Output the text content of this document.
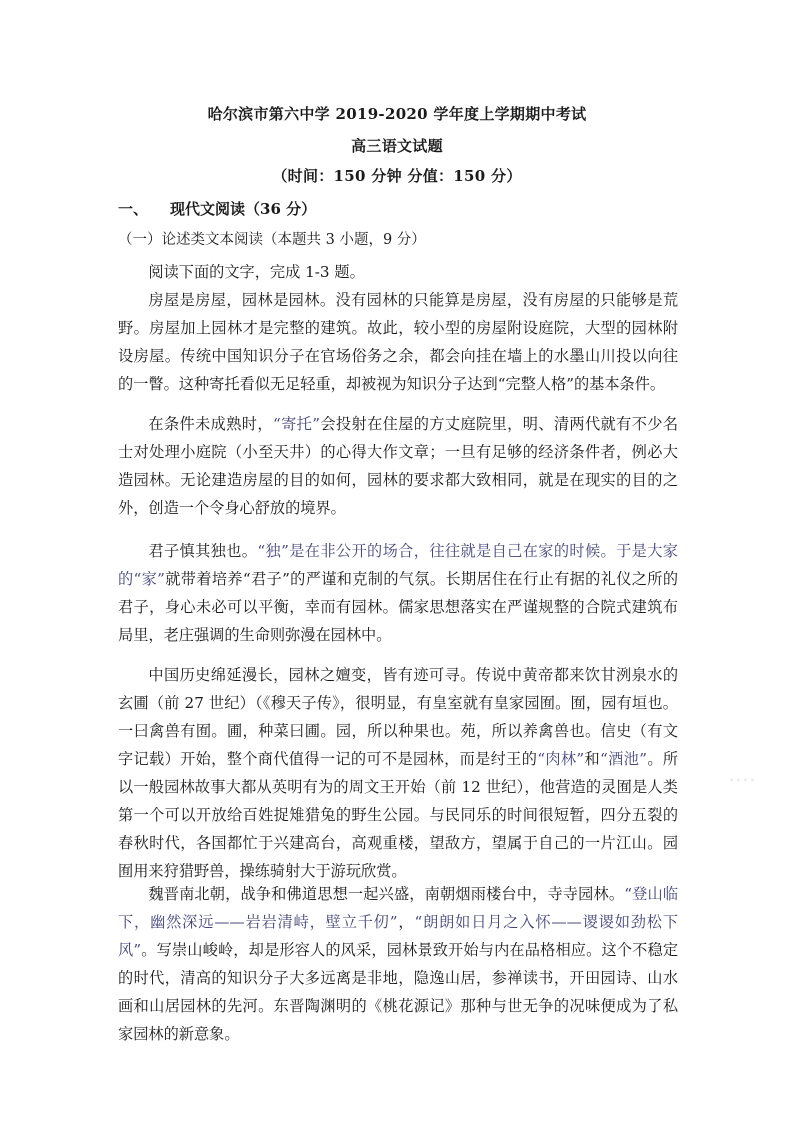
哈尔滨市第六中学 2019-2020 学年度上学期期中考试
高三语文试题
（时间：150 分钟 分值：150 分）
一、 现代文阅读（36 分）
（一）论述类文本阅读（本题共 3 小题，9 分）

阅读下面的文字，完成 1-3 题。

房屋是房屋，园林是园林。没有园林的只能算是房屋，没有房屋的只能够是荒野。房屋加上园林才是完整的建筑。故此，较小型的房屋附设庭院，大型的园林附设房屋。传统中国知识分子在官场俗务之余，都会向挂在墙上的水墨山川投以向往的一瞥。这种寄托看似无足轻重，却被视为知识分子达到“完整人格”的基本条件。

在条件未成熟时，“寄托”会投射在住屋的方丈庭院里，明、清两代就有不少名士对处理小庭院（小至天井）的心得大作文章；一旦有足够的经济条件者，例必大造园林。无论建造房屋的目的如何，园林的要求都大致相同，就是在现实的目的之外，创造一个令身心舒放的境界。

君子慎其独也。“独”是在非公开的场合，往往就是自己在家的时候。于是大家的“家”就带着培养“君子”的严谨和克制的气氛。长期居住在行止有据的礼仪之所的君子，身心未必可以平衡，幸而有园林。儒家思想落实在严谨规整的合院式建筑布局里，老庄强调的生命则弥漫在园林中。

中国历史绵延漫长，园林之嬗变，皆有迹可寻。传说中黄帝都来饮甘洌泉水的玄圃（前 27 世纪）（《穆天子传》，很明显，有皇室就有皇家园囿。囿，园有垣也。一曰禽兽有囿。圃，种菜曰圃。园，所以种果也。苑，所以养禽兽也。信史（有文字记载）开始，整个商代值得一记的可不是园林，而是纣王的“肉林”和“酒池”。所以一般园林故事大都从英明有为的周文王开始（前 12 世纪），他营造的灵囿是人类第一个可以开放给百姓捉雉猎兔的野生公园。与民同乐的时间很短暂，四分五裂的春秋时代，各国都忙于兴建高台，高观重楼，望敌方，望属于自己的一片江山。园囿用来狩猎野兽，操练骑射大于游玩欣赏。

魏晋南北朝，战争和佛道思想一起兴盛，南朝烟雨楼台中，寺寺园林。“登山临下，幽然深远——岩岩清峙，壁立千仞”，“朗朗如日月之入怀——谡谡如劲松下风”。写崇山峻岭，却是形容人的风采，园林景致开始与内在品格相应。这个不稳定的时代，清高的知识分子大多远离是非地，隐逸山居，参禅读书，开田园诗、山水画和山居园林的先河。东晋陶渊明的《桃花源记》那种与世无争的况味便成为了私家园林的新意象。

....
